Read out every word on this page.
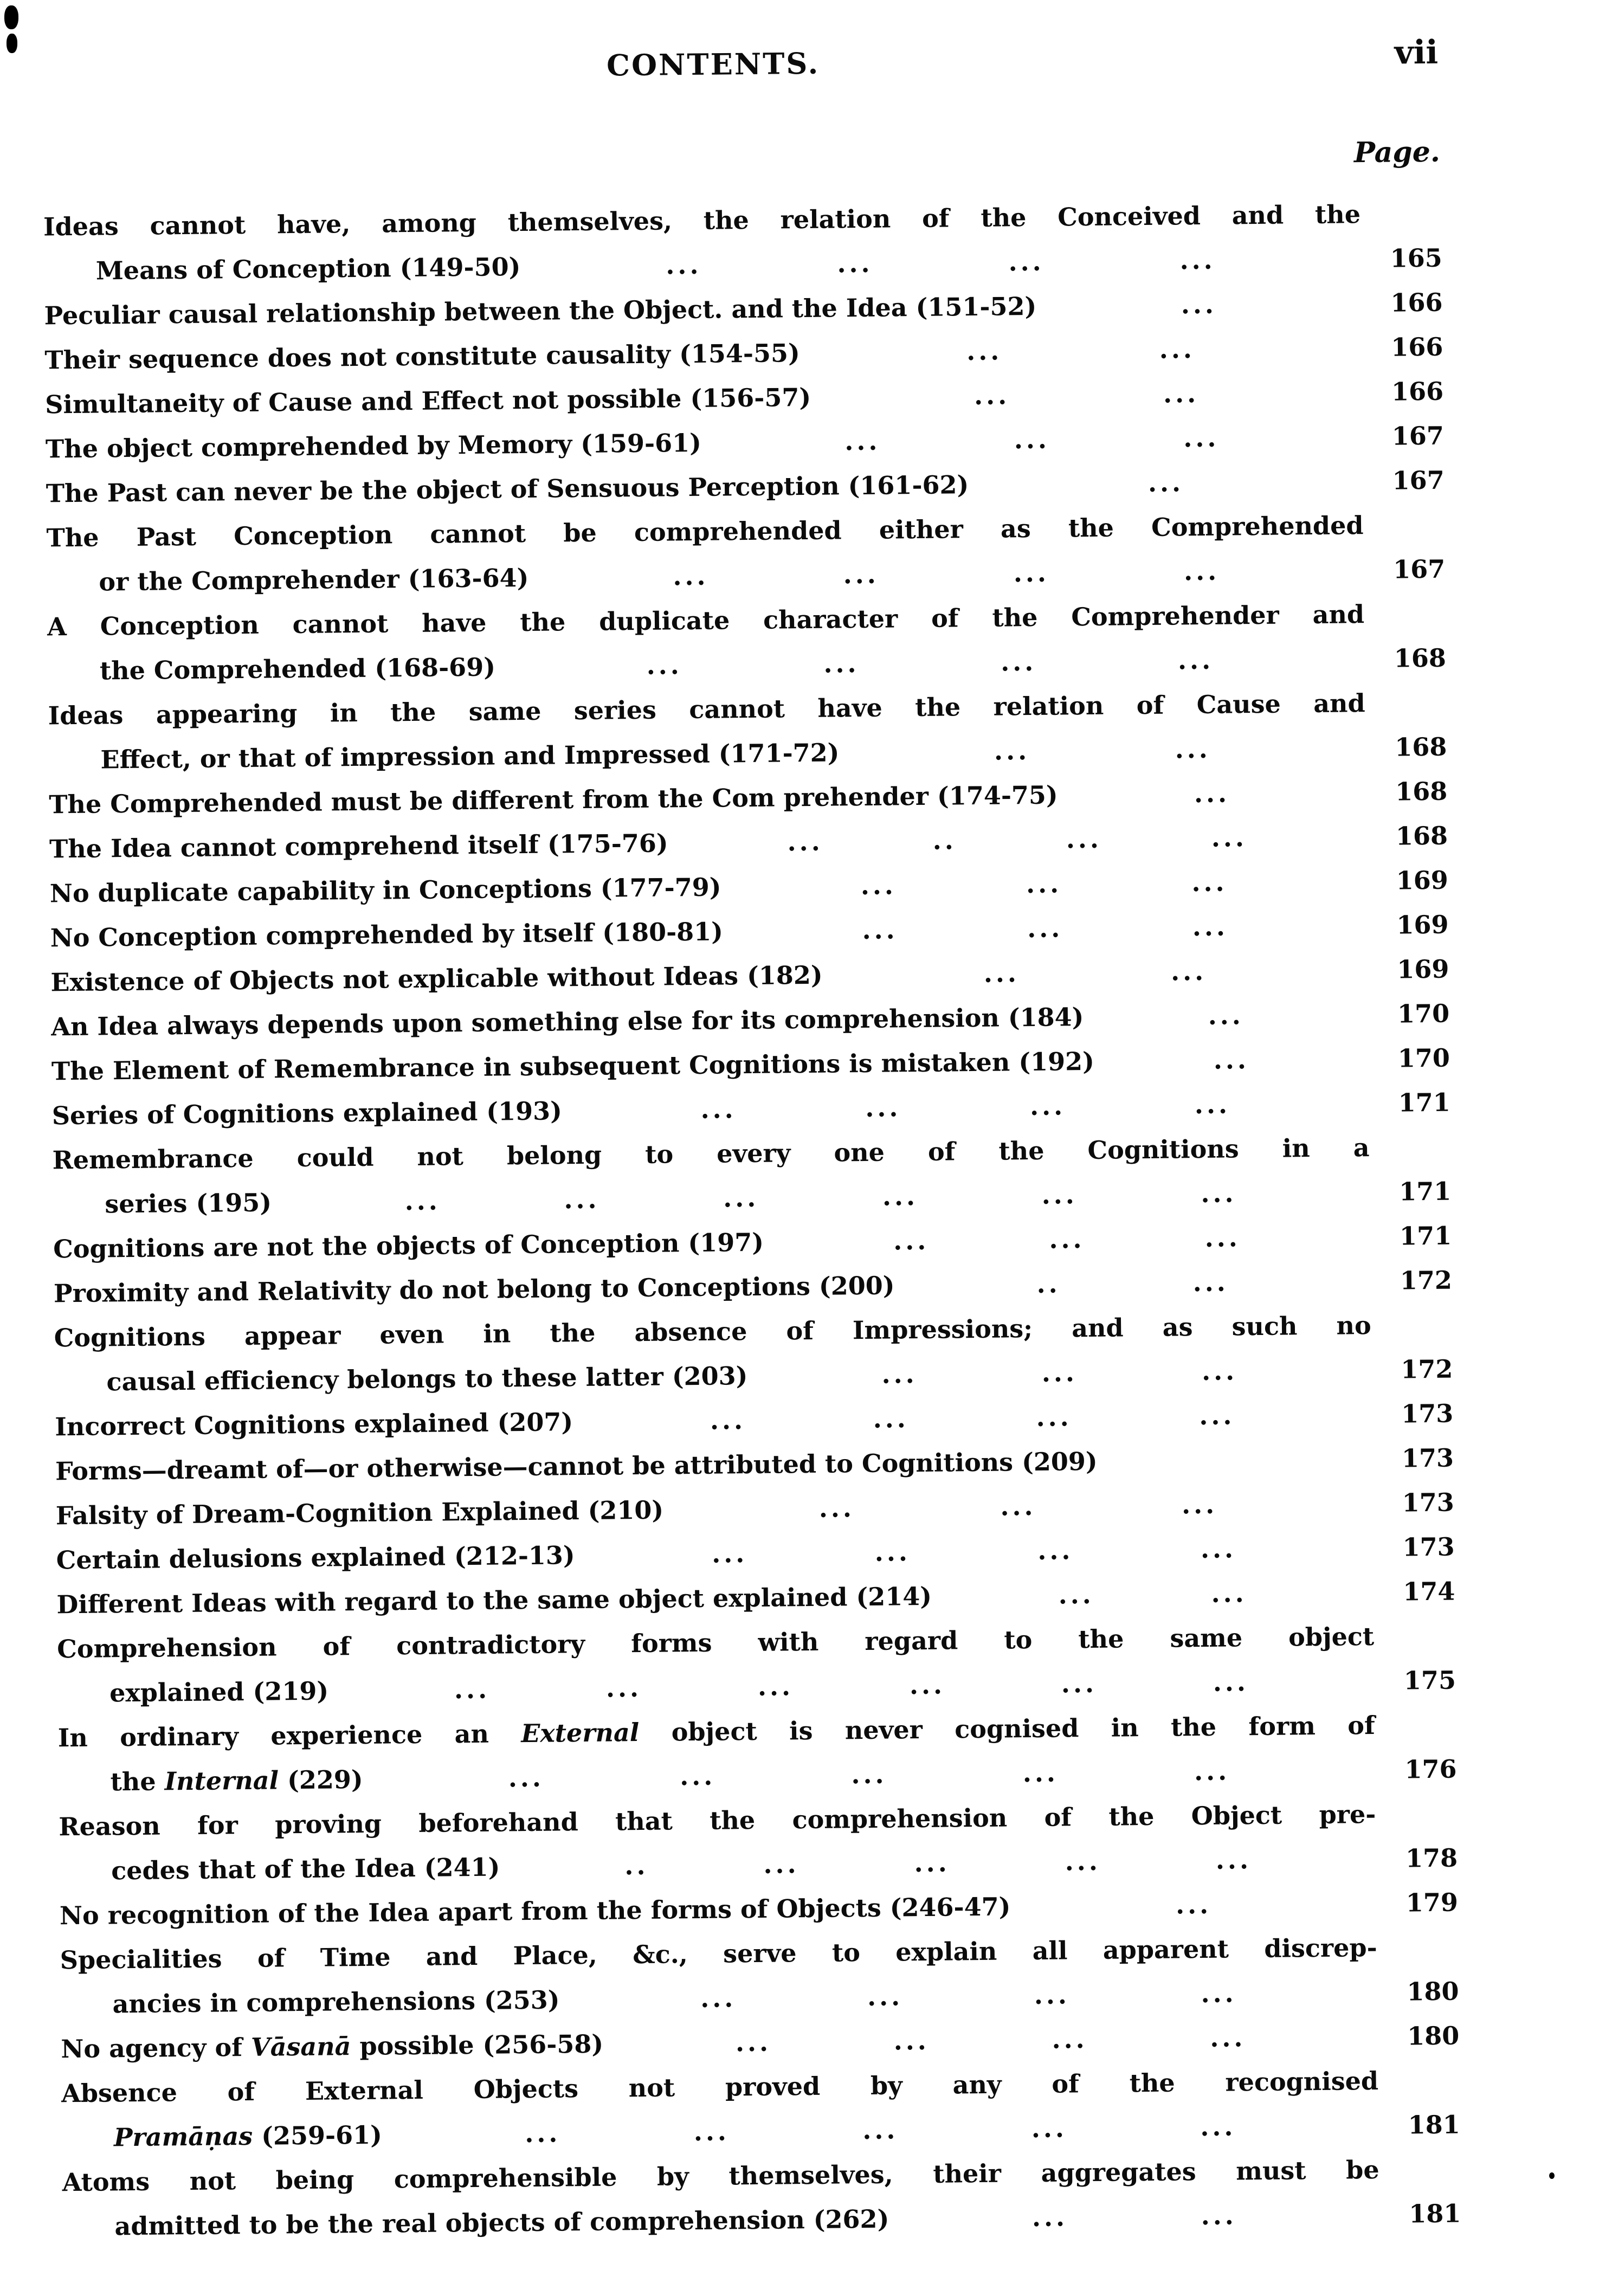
CONTENTS.	vii
Page.
Ideas cannot have, among themselves, the relation of the Conceived and the
Means of Conception (149-50)	...	...	...	...	165
Peculiar causal relationship between the Object. and the Idea (151-52)	...	166
Their sequence does not constitute causality (154-55)	...	...	166
Simultaneity of Cause and Effect not possible (156-57)	...	...	166
The object comprehended by Memory (159-61)	...	...	...	167
The Past can never be the object of Sensuous Perception (161-62)	...	167
The Past Conception cannot be comprehended either as the Comprehended
or the Comprehender (163-64)	...	...	...	...	167
A Conception cannot have the duplicate character of the Comprehender and
the Comprehended (168-69)	...	...	...	...	168
Ideas appearing in the same series cannot have the relation of Cause and
Effect, or that of impression and Impressed (171-72)	...	...	168
The Comprehended must be different from the Com prehender (174-75)	...	168
The Idea cannot comprehend itself (175-76)	...	..	...	...	168
No duplicate capability in Conceptions (177-79)	...	...	...	169
No Conception comprehended by itself (180-81)	...	...	...	169
Existence of Objects not explicable without Ideas (182)	...	...	169
An Idea always depends upon something else for its comprehension (184)	...	170
The Element of Remembrance in subsequent Cognitions is mistaken (192)	...	170
Series of Cognitions explained (193)	...	...	...	...	171
Remembrance could not belong to every one of the Cognitions in a
series (195)	...	...	...	...	...	...	171
Cognitions are not the objects of Conception (197)	...	...	...	171
Proximity and Relativity do not belong to Conceptions (200)	..	...	172
Cognitions appear even in the absence of Impressions; and as such no
causal efficiency belongs to these latter (203)	...	...	...	172
Incorrect Cognitions explained (207)	...	...	...	...	173
Forms—dreamt of—or otherwise—cannot be attributed to Cognitions (209)	173
Falsity of Dream-Cognition Explained (210)	...	...	...	173
Certain delusions explained (212-13)	...	...	...	...	173
Different Ideas with regard to the same object explained (214)	...	...	174
Comprehension of contradictory forms with regard to the same object
explained (219)	...	...	...	...	...	...	175
In ordinary experience an External object is never cognised in the form of
the Internal (229)	...	...	...	...	...	176
Reason for proving beforehand that the comprehension of the Object pre-
cedes that of the Idea (241)	..	...	...	...	...	178
No recognition of the Idea apart from the forms of Objects (246-47)	...	179
Specialities of Time and Place, &c., serve to explain all apparent discrep-
ancies in comprehensions (253)	...	...	...	...	180
No agency of Vāsanā possible (256-58)	...	...	...	...	180
Absence of External Objects not proved by any of the recognised
Pramāṇas (259-61)	...	...	...	...	...	181
Atoms not being comprehensible by themselves, their aggregates must be
admitted to be the real objects of comprehension (262)	...	...	181
